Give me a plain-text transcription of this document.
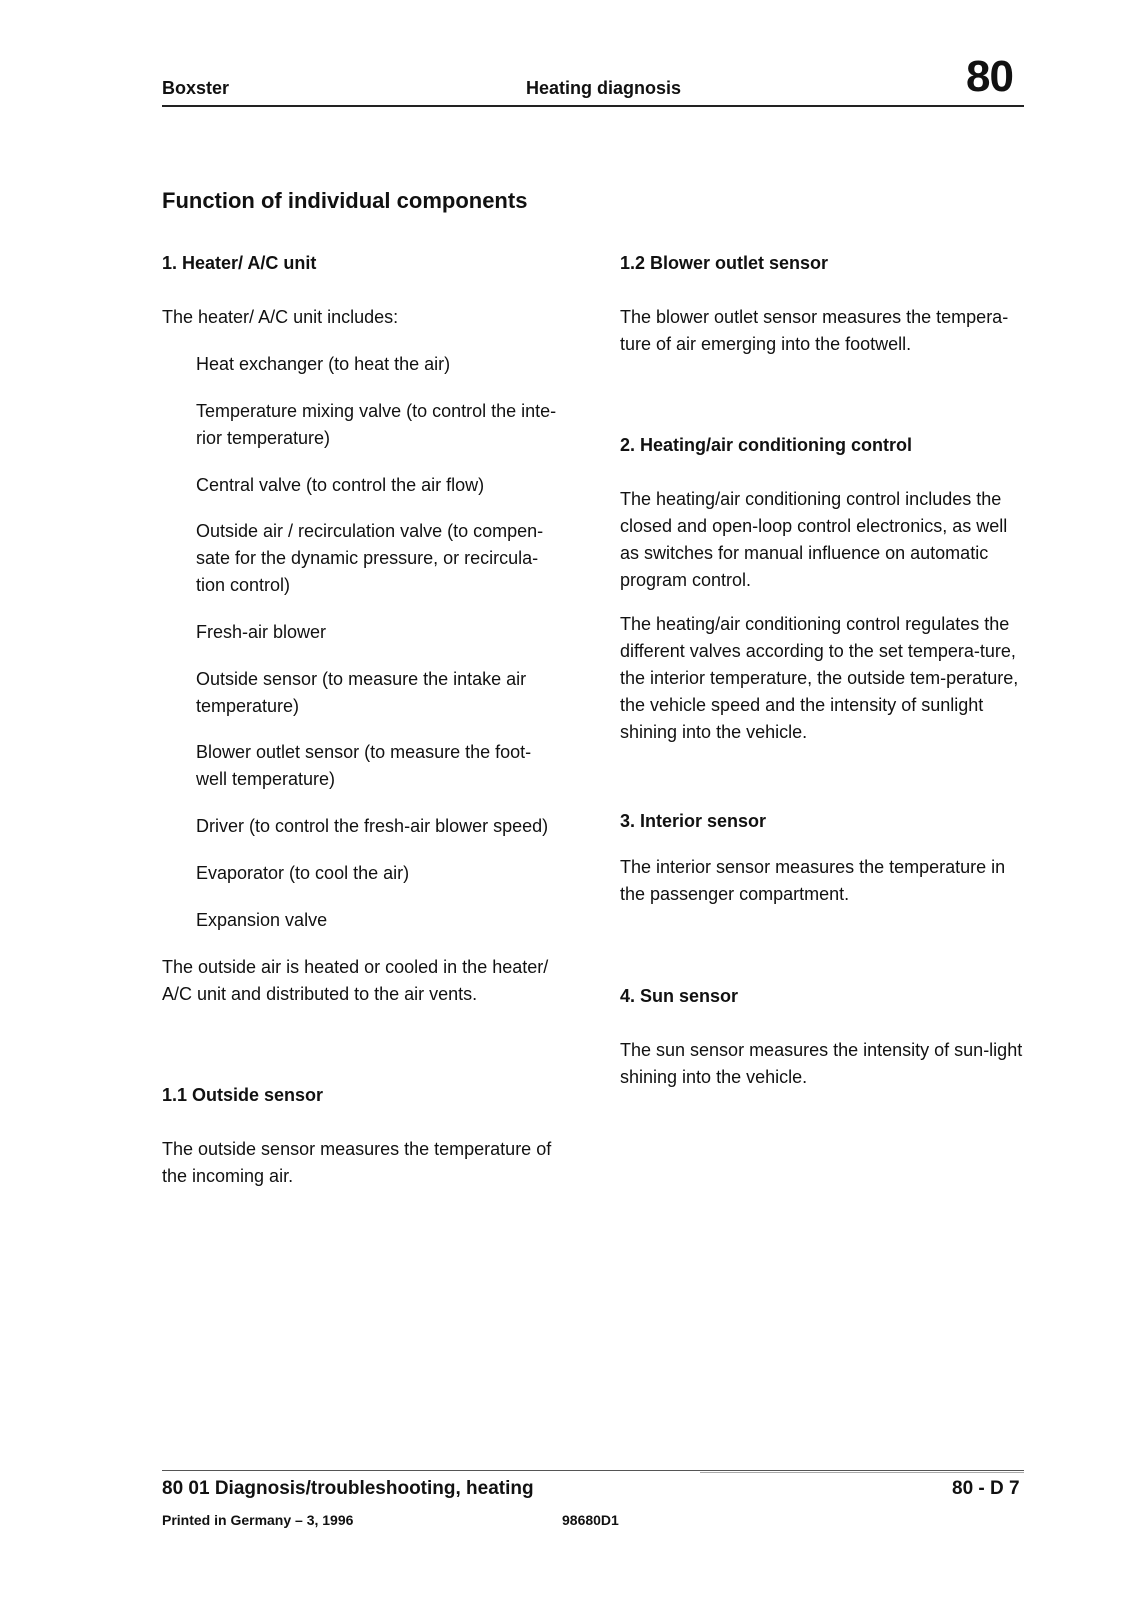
Boxster	Heating diagnosis	80
Function of individual components
1. Heater/ A/C unit

The heater/ A/C unit includes:

Heat exchanger (to heat the air)

Temperature mixing valve (to control the inte-rior temperature)

Central valve (to control the air flow)

Outside air / recirculation valve (to compen-sate for the dynamic pressure, or recircula-tion control)

Fresh-air blower

Outside sensor (to measure the intake air temperature)

Blower outlet sensor (to measure the foot-well temperature)

Driver (to control the fresh-air blower speed)

Evaporator (to cool the air)

Expansion valve

The outside air is heated or cooled in the heater/ A/C unit and distributed to the air vents.

1.1 Outside sensor

The outside sensor measures the temperature of the incoming air.

1.2 Blower outlet sensor

The blower outlet sensor measures the tempera-ture of air emerging into the footwell.

2. Heating/air conditioning control

The heating/air conditioning control includes the closed and open-loop control electronics, as well as switches for manual influence on automatic program control.

The heating/air conditioning control regulates the different valves according to the set tempera-ture, the interior temperature, the outside tem-perature, the vehicle speed and the intensity of sunlight shining into the vehicle.

3. Interior sensor

The interior sensor measures the temperature in the passenger compartment.

4. Sun sensor

The sun sensor measures the intensity of sun-light shining into the vehicle.

80 01 Diagnosis/troubleshooting, heating	80 - D 7
Printed in Germany – 3, 1996	98680D1
